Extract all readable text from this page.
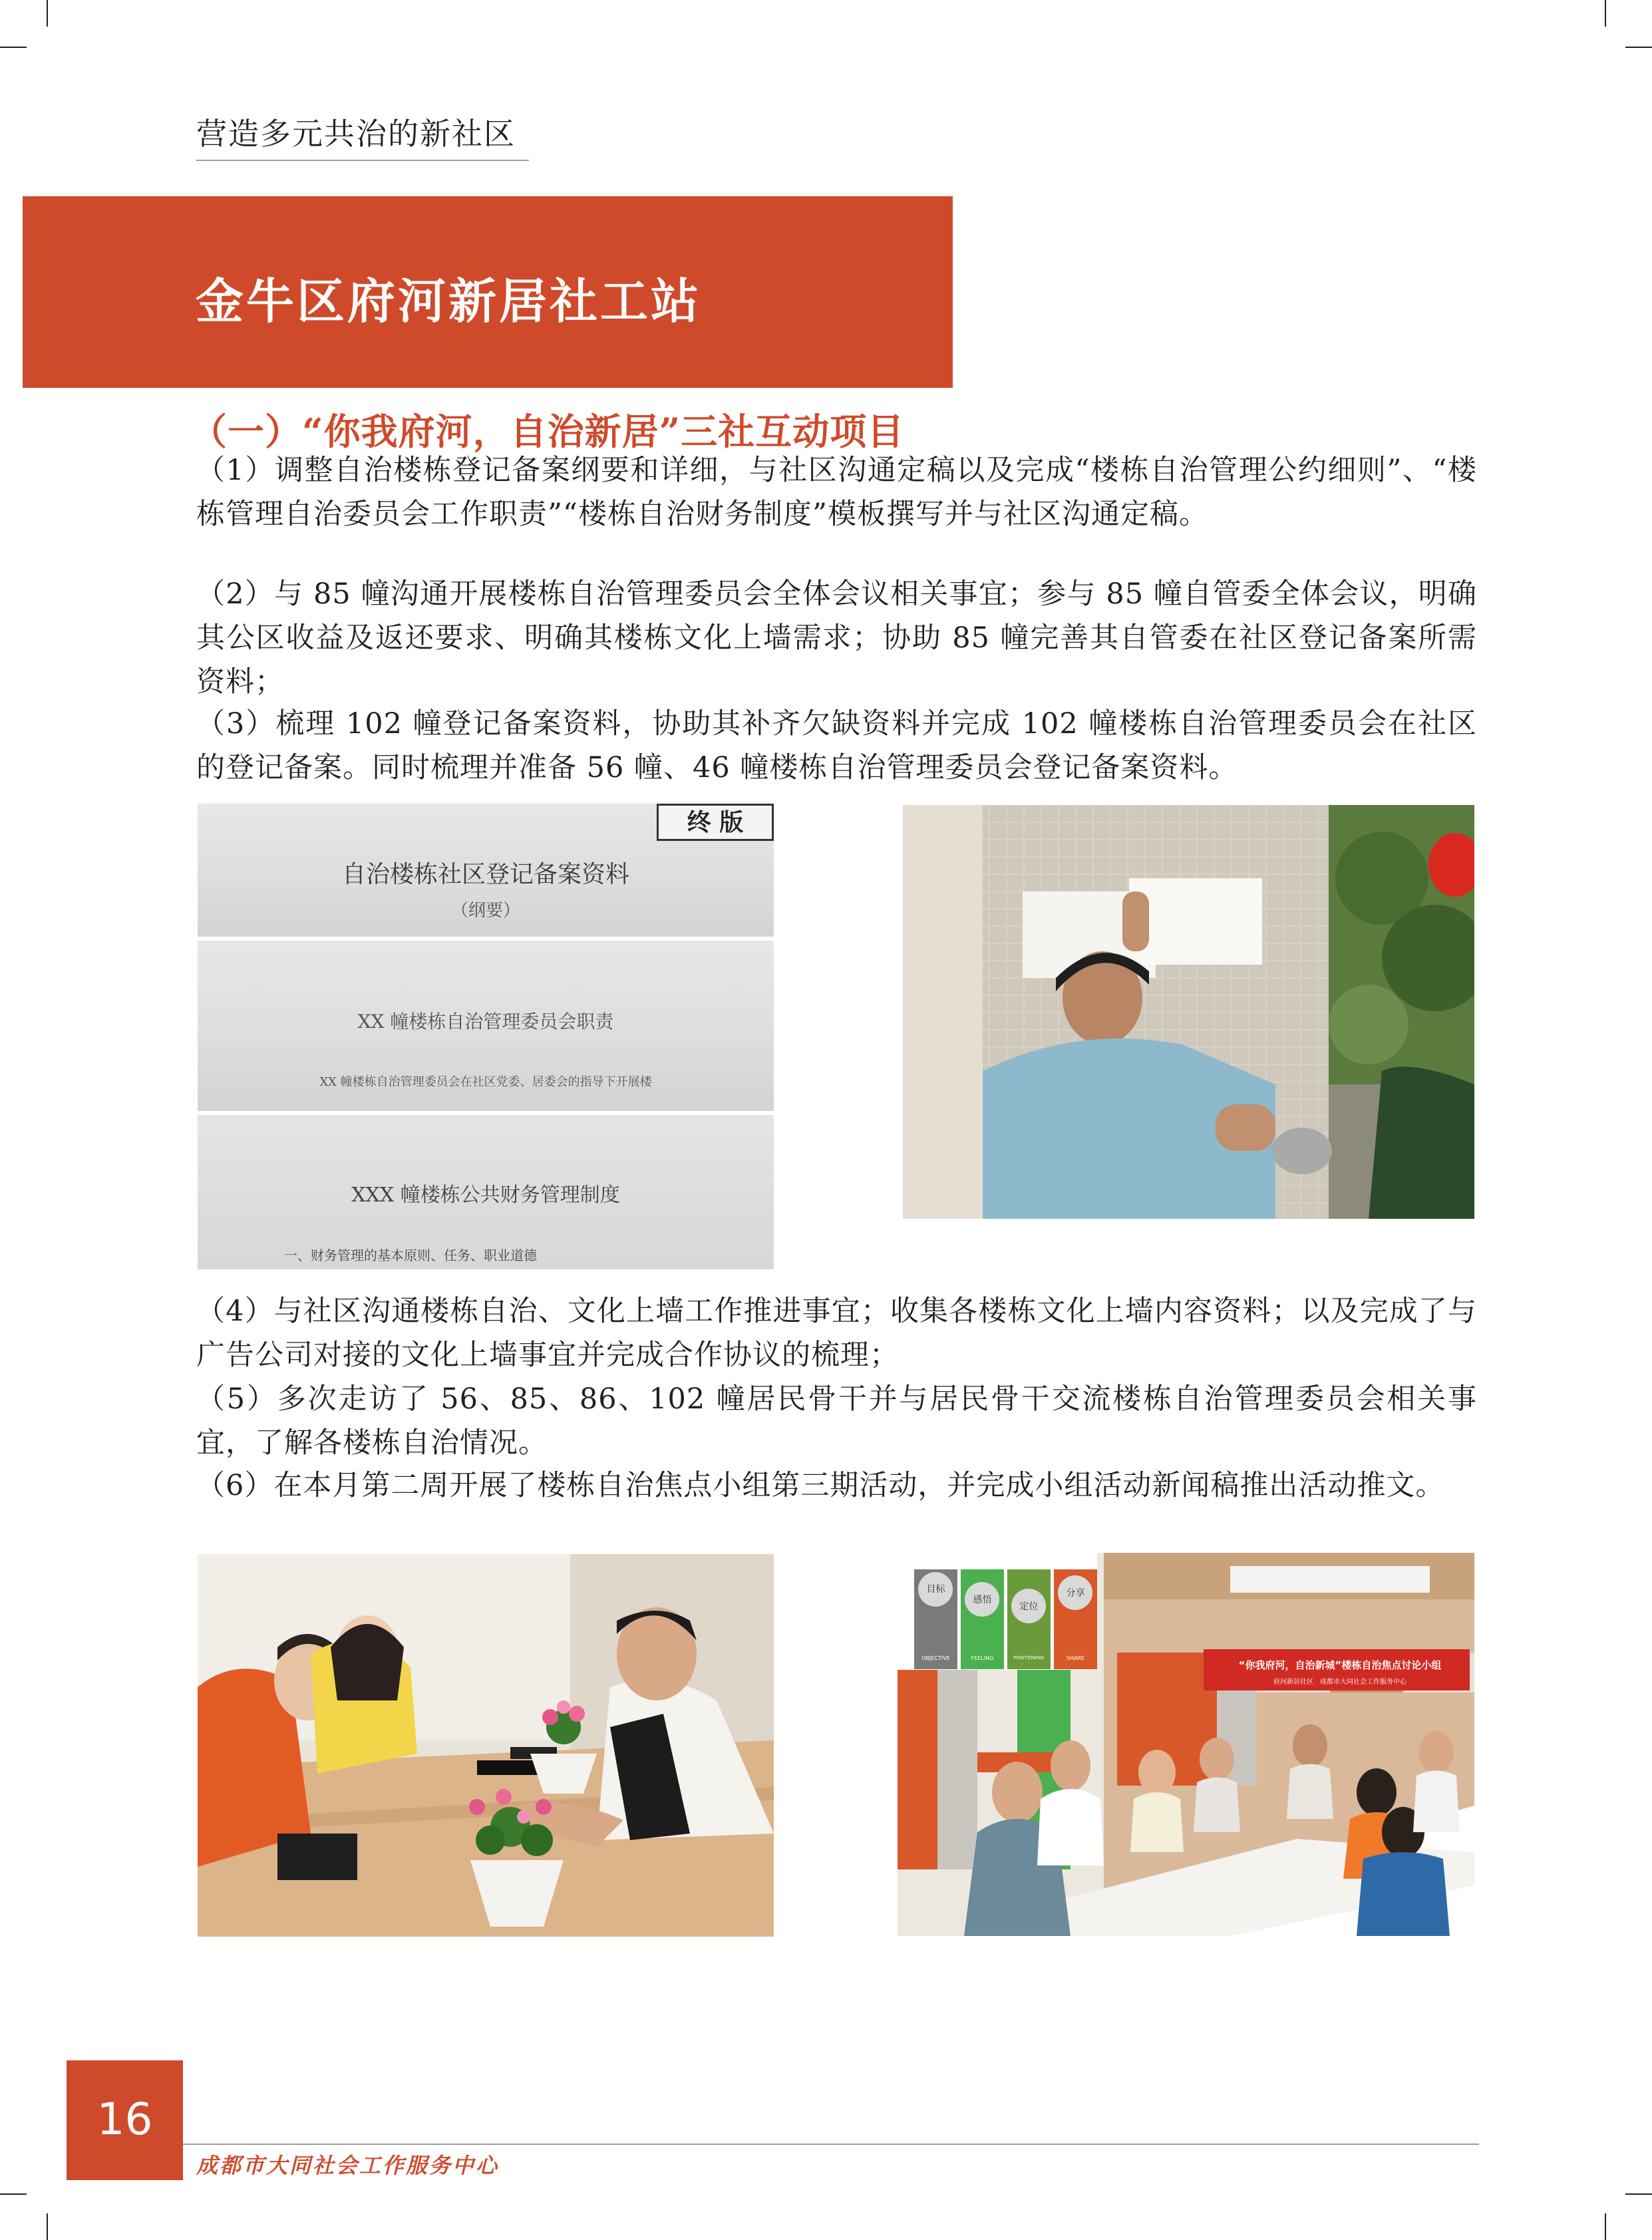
营造多元共治的新社区
金牛区府河新居社工站
（一）“你我府河，自治新居”三社互动项目
（1）调整自治楼栋登记备案纲要和详细，与社区沟通定稿以及完成“楼栋自治管理公约细则”、“楼栋管理自治委员会工作职责”“楼栋自治财务制度”模板撰写并与社区沟通定稿。
（2）与 85 幢沟通开展楼栋自治管理委员会全体会议相关事宜；参与 85 幢自管委全体会议，明确其公区收益及返还要求、明确其楼栋文化上墙需求；协助 85 幢完善其自管委在社区登记备案所需资料；
（3）梳理 102 幢登记备案资料，协助其补齐欠缺资料并完成 102 幢楼栋自治管理委员会在社区的登记备案。同时梳理并准备 56 幢、46 幢楼栋自治管理委员会登记备案资料。
终 版
自治楼栋社区登记备案资料
（纲要）
XX 幢楼栋自治管理委员会职责
XX 幢楼栋自治管理委员会在社区党委、居委会的指导下开展楼
XXX 幢楼栋公共财务管理制度
一、财务管理的基本原则、任务、职业道德
（4）与社区沟通楼栋自治、文化上墙工作推进事宜；收集各楼栋文化上墙内容资料；以及完成了与广告公司对接的文化上墙事宜并完成合作协议的梳理；
（5）多次走访了 56、85、86、102 幢居民骨干并与居民骨干交流楼栋自治管理委员会相关事宜，了解各楼栋自治情况。
（6）在本月第二周开展了楼栋自治焦点小组第三期活动，并完成小组活动新闻稿推出活动推文。
“你我府河，自治新城”楼栋自治焦点讨论小组
府河新居社区　成都市大同社会工作服务中心
目标
OBJECTIVE
感悟
FEELING
定位
POSITIONING
分享
SHARE
16
成都市大同社会工作服务中心
